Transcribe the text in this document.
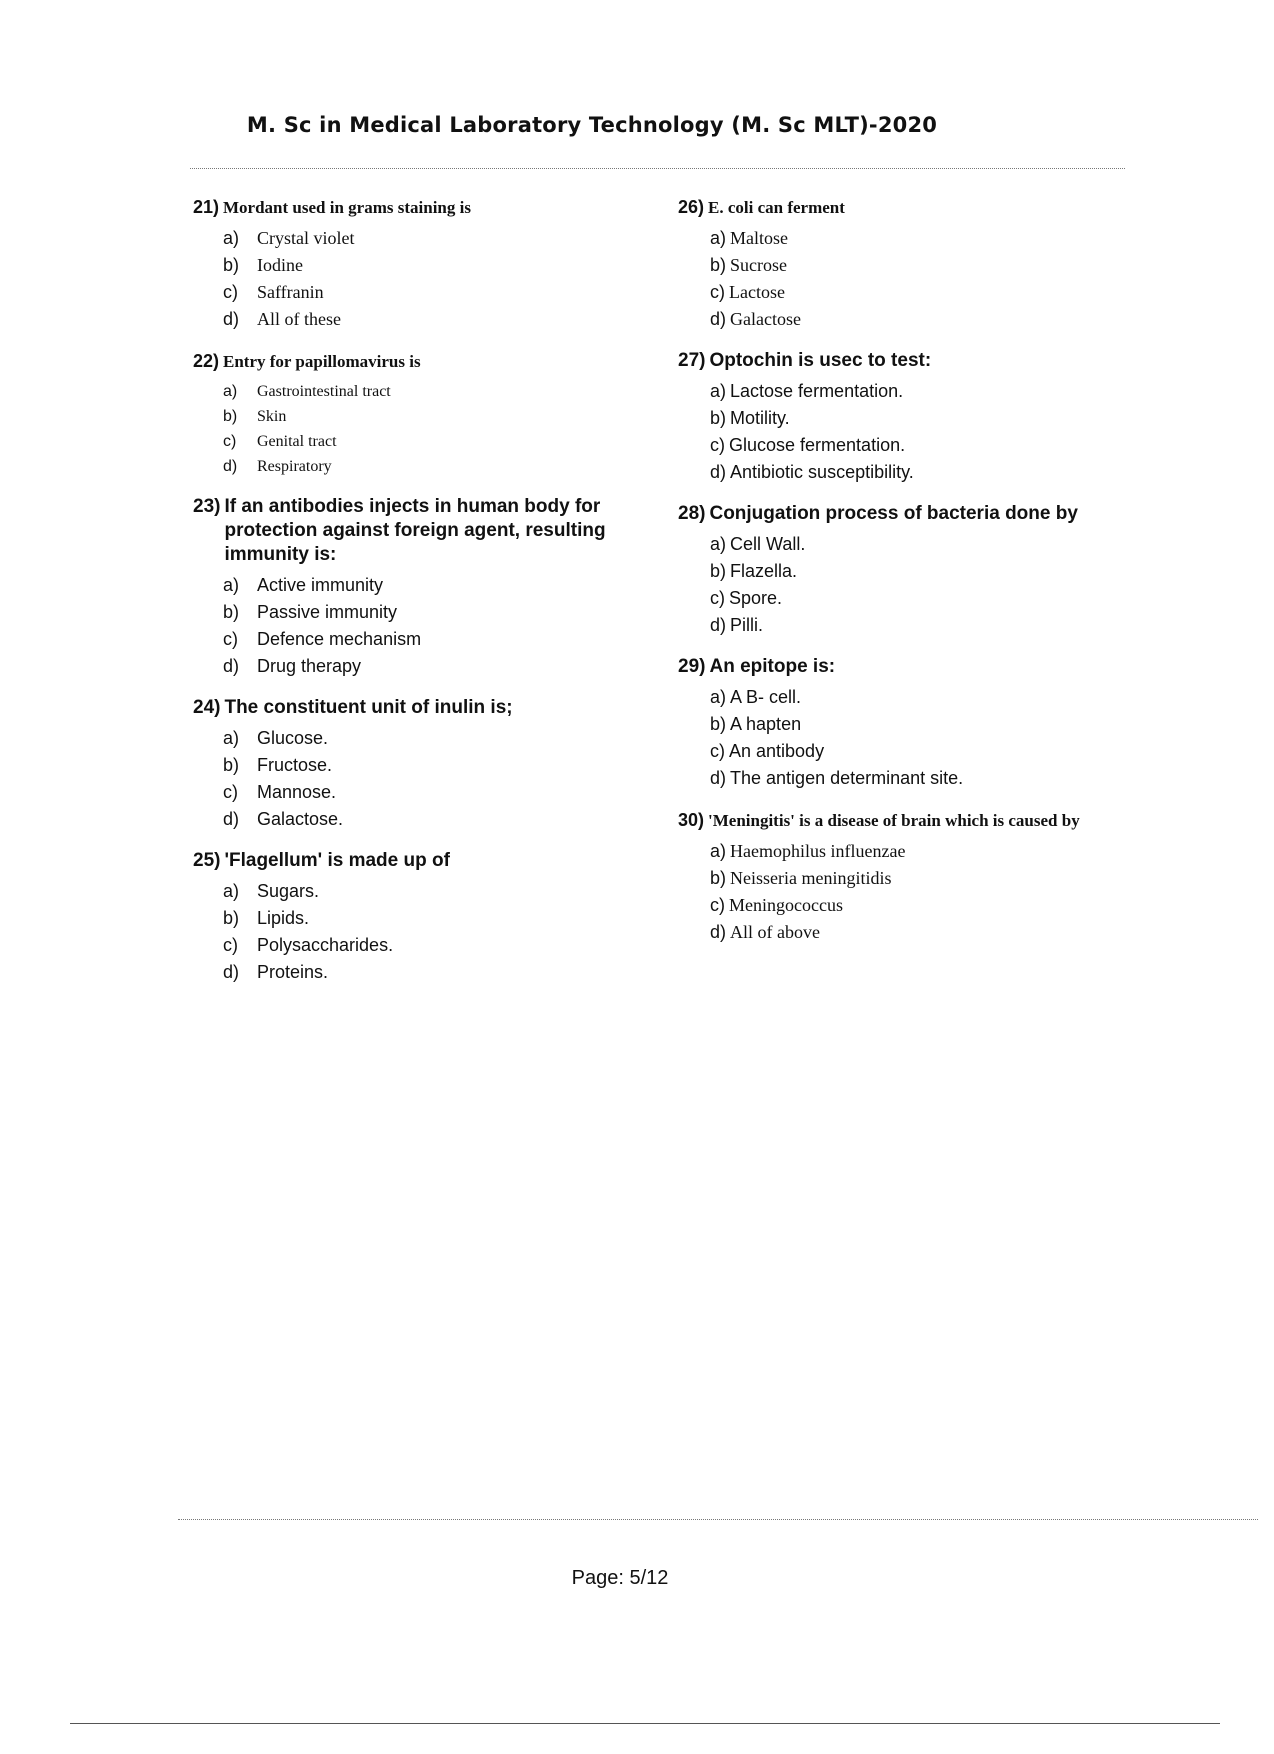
M. Sc in Medical Laboratory Technology (M. Sc MLT)-2020
21) Mordant used in grams staining is
a) Crystal violet
b) Iodine
c)	Saffranin
d) All of these
22) Entry for papillomavirus is
a)	Gastrointestinal tract
b)	Skin
c)	Genital tract
d)	Respiratory
23) If an antibodies injects in human body for protection against foreign agent, resulting immunity is:
a) Active immunity
b) Passive immunity
c)	Defence mechanism
d) Drug therapy
24) The constituent unit of inulin is;
a) Glucose.
b) Fructose.
c)	Mannose.
d) Galactose.
25) 'Flagellum' is made up of
a) Sugars.
b) Lipids.
c)	Polysaccharides.
d) Proteins.
26) E. coli can ferment
a) Maltose
b) Sucrose
c) Lactose
d) Galactose
27) Optochin is usec to test:
a) Lactose fermentation.
b) Motility.
c) Glucose fermentation.
d) Antibiotic susceptibility.
28) Conjugation process of bacteria done by
a) Cell Wall.
b) Flazella.
c) Spore.
d) Pilli.
29) An epitope is:
a) A B- cell.
b) A hapten
c) An antibody
d) The antigen determinant site.
30) 'Meningitis' is a disease of brain which is caused by
a) Haemophilus influenzae
b) Neisseria meningitidis
c) Meningococcus
d) All of above
Page: 5/12
